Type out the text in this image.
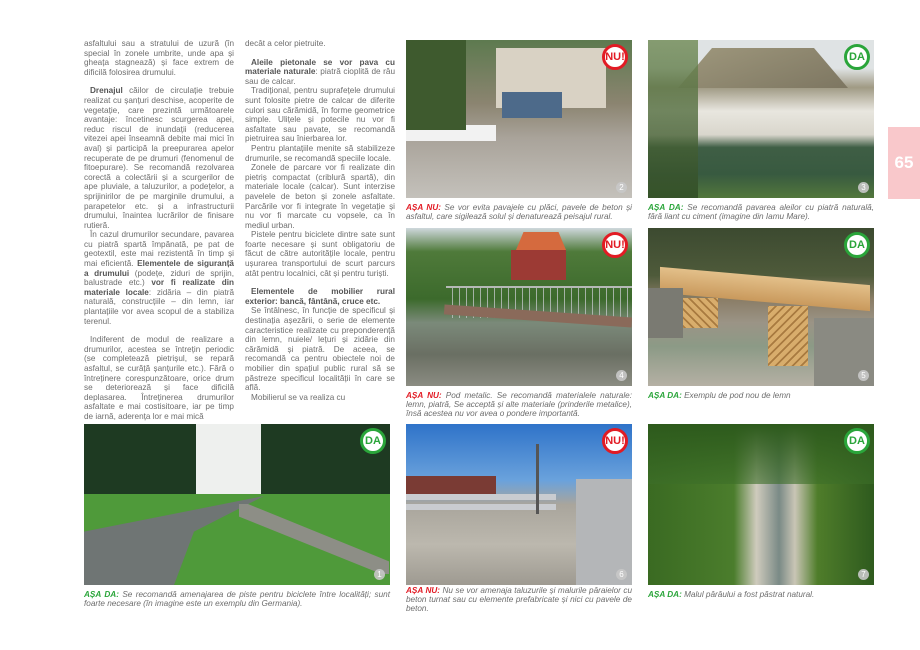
asfaltului sau a stratului de uzură (în special în zonele umbrite, unde apa și gheața stagnează) și face extrem de dificilă folosirea drumului.

Drenajul căilor de circulație trebuie realizat cu șanțuri deschise, acoperite de vegetație, care prezintă următoarele avantaje: încetinesc scurgerea apei, reduc riscul de inundații (reducerea vitezei apei înseamnă debite mai mici în aval) și participă la preepurarea apelor recuperate de pe drumuri (fenomenul de fitoepurare). Se recomandă rezolvarea corectă a colectării și a scurgerilor de ape pluviale, a taluzurilor, a podețelor, a sprijinirilor de pe marginile drumului, a parapetelor etc. și a infrastructurii drumului, înaintea lucrărilor de finisare rutieră.

În cazul drumurilor secundare, pavarea cu piatră spartă împănată, pe pat de geotextil, este mai rezistentă în timp și mai eficientă. Elementele de siguranță a drumului (podețe, ziduri de sprijin, balustrade etc.) vor fi realizate din materiale locale: zidăria – din piatră naturală, construcțiile – din lemn, iar plantațiile vor avea scopul de a stabiliza terenul.

Indiferent de modul de realizare a drumurilor, acestea se întrețin periodic (se completează pietrișul, se repară asfaltul, se curăță șanțurile etc.). Fără o întreținere corespunzătoare, orice drum se deteriorează și face dificilă deplasarea. Întreținerea drumurilor asfaltate e mai costisitoare, iar pe timp de iarnă, aderența lor e mai mică

decât a celor pietruite.

Aleile pietonale se vor pava cu materiale naturale: piatră cioplită de râu sau de calcar.

Tradițional, pentru suprafețele drumului sunt folosite pietre de calcar de diferite culori sau cărămidă, în forme geometrice simple. Ulițele și potecile nu vor fi asfaltate sau pavate, se recomandă pietruirea sau înierbarea lor.

Pentru plantațiile menite să stabilizeze drumurile, se recomandă speciile locale.

Zonele de parcare vor fi realizate din pietriș compactat (criblură spartă), din materiale locale (calcar). Sunt interzise pavelele de beton și zonele asfaltate. Parcările vor fi integrate în vegetație și nu vor fi marcate cu vopsele, ca în mediul urban.

Pistele pentru biciclete dintre sate sunt foarte necesare și sunt obligatoriu de făcut de către autoritățile locale, pentru ușurarea transportului de scurt parcurs atât pentru localnici, cât și pentru turiști.

Elementele de mobilier rural exterior: bancă, fântână, cruce etc.

Se întâlnesc, în funcție de specificul și destinația așezării, o serie de elemente caracteristice realizate cu preponderență din lemn, nuiele/ lețuri și zidărie din cărămidă și piatră. De aceea, se recomandă ca pentru obiectele noi de mobilier din spațiul public rural să se păstreze specificul localității în care se află.

Mobilierul se va realiza cu

NU!
2
AȘA NU: Se vor evita pavajele cu plăci, pavele de beton și asfaltul, care sigilează solul și denaturează peisajul rural.
DA
3
AȘA DA: Se recomandă pavarea aleilor cu piatră naturală, fără liant cu ciment (imagine din Iamu Mare).
NU!
4
AȘA NU: Pod metalic. Se recomandă materialele naturale: lemn, piatră, Se acceptă și alte materiale (prinderile metalice), însă acestea nu vor avea o pondere importantă.
DA
5
AȘA DA: Exemplu de pod nou de lemn
DA
1
AȘA DA: Se recomandă amenajarea de piste pentru biciclete între localități; sunt foarte necesare (în imagine este un exemplu din Germania).
NU!
6
AȘA NU: Nu se vor amenaja taluzurile și malurile pâraielor cu beton turnat sau cu elemente prefabricate și nici cu pavele de beton.
DA
7
AȘA DA: Malul pârâului a fost păstrat natural.
65
